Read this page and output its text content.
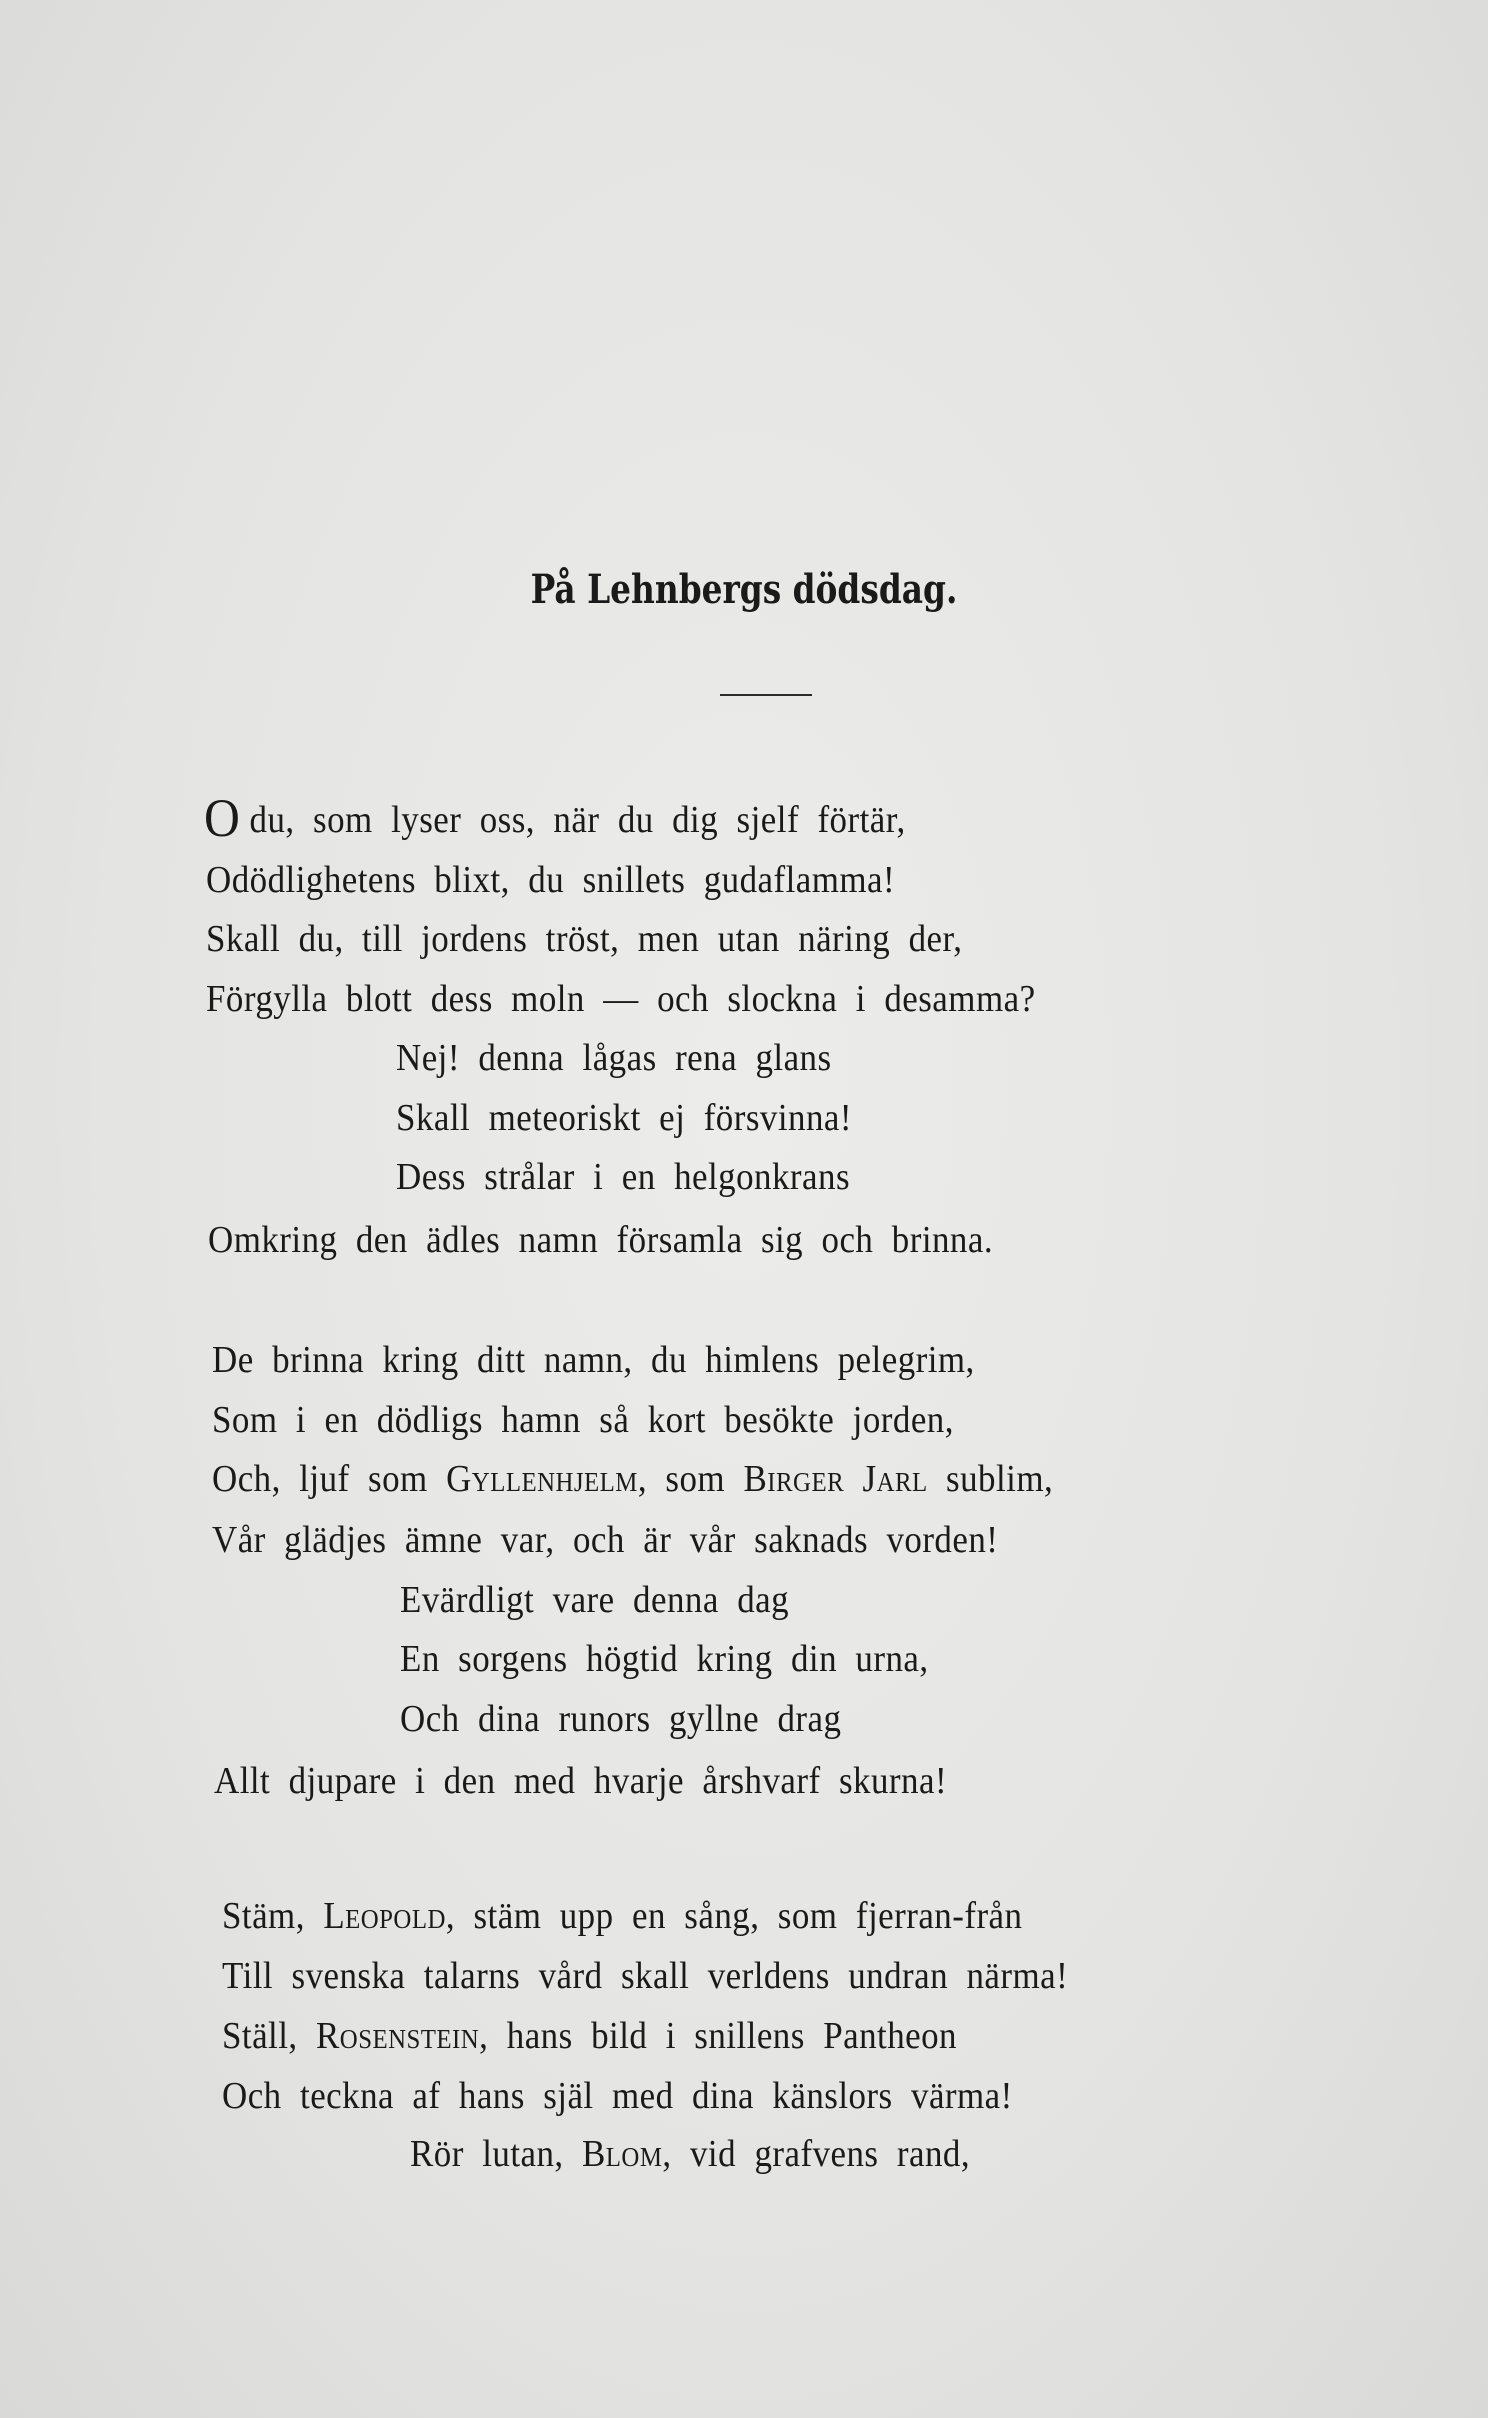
På Lehnbergs dödsdag.
O du, som lyser oss, när du dig sjelf förtär,
Odödlighetens blixt, du snillets gudaflamma!
Skall du, till jordens tröst, men utan näring der,
Förgylla blott dess moln — och slockna i desamma?
Nej! denna lågas rena glans
Skall meteoriskt ej försvinna!
Dess strålar i en helgonkrans
Omkring den ädles namn församla sig och brinna.
De brinna kring ditt namn, du himlens pelegrim,
Som i en dödligs hamn så kort besökte jorden,
Och, ljuf som Gyllenhjelm, som Birger Jarl sublim,
Vår glädjes ämne var, och är vår saknads vorden!
Evärdligt vare denna dag
En sorgens högtid kring din urna,
Och dina runors gyllne drag
Allt djupare i den med hvarje årshvarf skurna!
Stäm, Leopold, stäm upp en sång, som fjerran-från
Till svenska talarns vård skall verldens undran närma!
Ställ, Rosenstein, hans bild i snillens Pantheon
Och teckna af hans själ med dina känslors värma!
Rör lutan, Blom, vid grafvens rand,
